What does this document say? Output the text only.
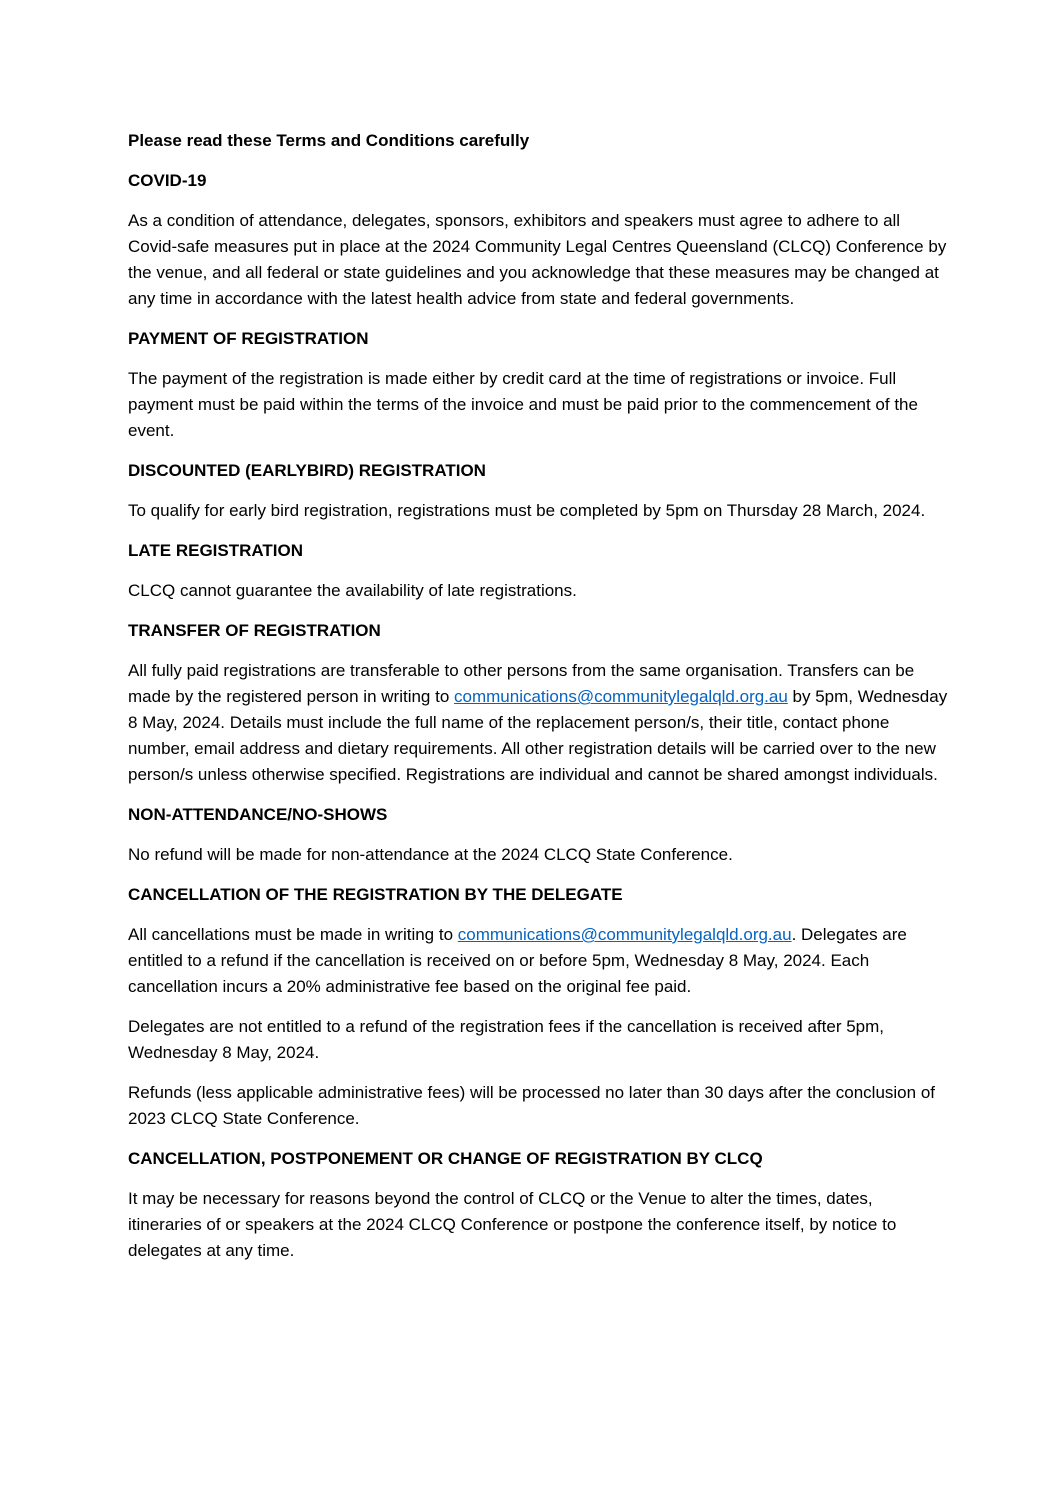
Please read these Terms and Conditions carefully

COVID-19

As a condition of attendance, delegates, sponsors, exhibitors and speakers must agree to adhere to all Covid-safe measures put in place at the 2024 Community Legal Centres Queensland (CLCQ) Conference by the venue, and all federal or state guidelines and you acknowledge that these measures may be changed at any time in accordance with the latest health advice from state and federal governments.

PAYMENT OF REGISTRATION

The payment of the registration is made either by credit card at the time of registrations or invoice. Full payment must be paid within the terms of the invoice and must be paid prior to the commencement of the event.

DISCOUNTED (EARLYBIRD) REGISTRATION

To qualify for early bird registration, registrations must be completed by 5pm on Thursday 28 March, 2024.

LATE REGISTRATION

CLCQ cannot guarantee the availability of late registrations.

TRANSFER OF REGISTRATION

All fully paid registrations are transferable to other persons from the same organisation. Transfers can be made by the registered person in writing to communications@communitylegalqld.org.au by 5pm, Wednesday 8 May, 2024. Details must include the full name of the replacement person/s, their title, contact phone number, email address and dietary requirements. All other registration details will be carried over to the new person/s unless otherwise specified. Registrations are individual and cannot be shared amongst individuals.

NON-ATTENDANCE/NO-SHOWS

No refund will be made for non-attendance at the 2024 CLCQ State Conference.

CANCELLATION OF THE REGISTRATION BY THE DELEGATE

All cancellations must be made in writing to communications@communitylegalqld.org.au. Delegates are entitled to a refund if the cancellation is received on or before 5pm, Wednesday 8 May, 2024. Each cancellation incurs a 20% administrative fee based on the original fee paid.

Delegates are not entitled to a refund of the registration fees if the cancellation is received after 5pm, Wednesday 8 May, 2024.

Refunds (less applicable administrative fees) will be processed no later than 30 days after the conclusion of 2023 CLCQ State Conference.

CANCELLATION, POSTPONEMENT OR CHANGE OF REGISTRATION BY CLCQ

It may be necessary for reasons beyond the control of CLCQ or the Venue to alter the times, dates, itineraries of or speakers at the 2024 CLCQ Conference or postpone the conference itself, by notice to delegates at any time.
